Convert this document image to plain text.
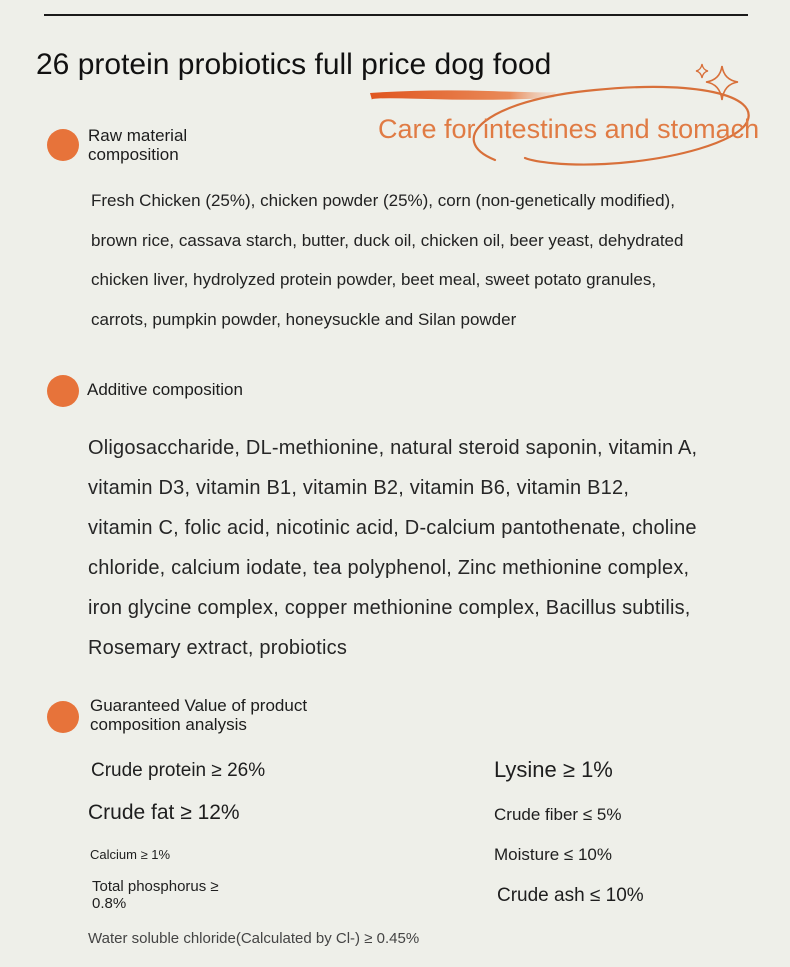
26 protein probiotics full price dog food
Care for intestines and stomach
Raw material composition
Fresh Chicken (25%), chicken powder (25%), corn (non-genetically modified), brown rice, cassava starch, butter, duck oil, chicken oil, beer yeast, dehydrated chicken liver, hydrolyzed protein powder, beet meal, sweet potato granules, carrots, pumpkin powder, honeysuckle and Silan powder
Additive composition
Oligosaccharide, DL-methionine, natural steroid saponin, vitamin A, vitamin D3, vitamin B1, vitamin B2, vitamin B6, vitamin B12, vitamin C, folic acid, nicotinic acid, D-calcium pantothenate, choline chloride, calcium iodate, tea polyphenol, Zinc methionine complex, iron glycine complex, copper methionine complex, Bacillus subtilis, Rosemary extract, probiotics
Guaranteed Value of product composition analysis
Crude protein ≥ 26%	Lysine ≥ 1%
Crude fat ≥ 12%	Crude fiber ≤ 5%
Calcium ≥ 1%	Moisture ≤ 10%
Total phosphorus ≥ 0.8%	Crude ash ≤ 10%
Water soluble chloride(Calculated by Cl-) ≥ 0.45%
